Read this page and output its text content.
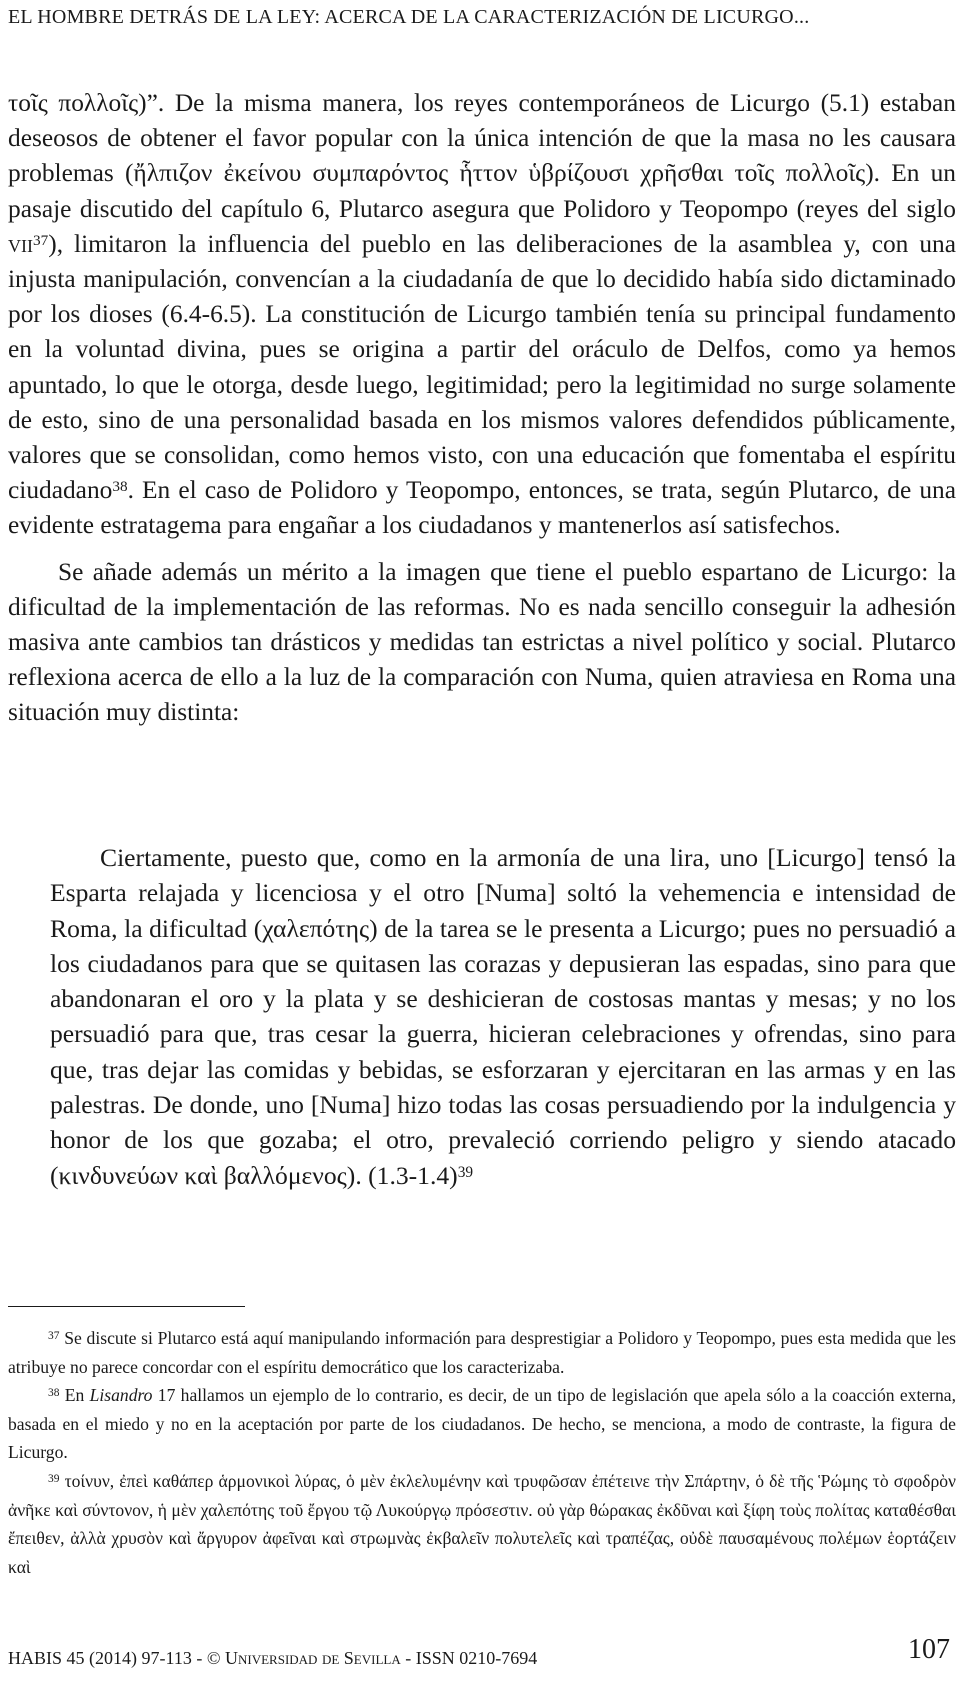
EL HOMBRE DETRÁS DE LA LEY: ACERCA DE LA CARACTERIZACIÓN DE LICURGO...

τοῖς πολλοῖς)”. De la misma manera, los reyes contemporáneos de Licurgo (5.1) estaban deseosos de obtener el favor popular con la única intención de que la masa no les causara problemas (ἤλπιζον ἐκείνου συμπαρόντος ἧττον ὑβρίζουσι χρῆσθαι τοῖς πολλοῖς). En un pasaje discutido del capítulo 6, Plutarco asegura que Polidoro y Teopompo (reyes del siglo vii$^{37}$), limitaron la influencia del pueblo en las deliberaciones de la asamblea y, con una injusta manipulación, convencían a la ciudadanía de que lo decidido había sido dictaminado por los dioses (6.4-6.5). La constitución de Licurgo también tenía su principal fundamento en la voluntad divina, pues se origina a partir del oráculo de Delfos, como ya hemos apuntado, lo que le otorga, desde luego, legitimidad; pero la legitimidad no surge solamente de esto, sino de una personalidad basada en los mismos valores defendidos públicamente, valores que se consolidan, como hemos visto, con una educación que fomentaba el espíritu ciudadano$^{38}$. En el caso de Polidoro y Teopompo, entonces, se trata, según Plutarco, de una evidente estratagema para engañar a los ciudadanos y mantenerlos así satisfechos.

Se añade además un mérito a la imagen que tiene el pueblo espartano de Licurgo: la dificultad de la implementación de las reformas. No es nada sencillo conseguir la adhesión masiva ante cambios tan drásticos y medidas tan estrictas a nivel político y social. Plutarco reflexiona acerca de ello a la luz de la comparación con Numa, quien atraviesa en Roma una situación muy distinta:

Ciertamente, puesto que, como en la armonía de una lira, uno [Licurgo] tensó la Esparta relajada y licenciosa y el otro [Numa] soltó la vehemencia e intensidad de Roma, la dificultad (χαλεπότης) de la tarea se le presenta a Licurgo; pues no persuadió a los ciudadanos para que se quitasen las corazas y depusieran las espadas, sino para que abandonaran el oro y la plata y se deshicieran de costosas mantas y mesas; y no los persuadió para que, tras cesar la guerra, hicieran celebraciones y ofrendas, sino para que, tras dejar las comidas y bebidas, se esforzaran y ejercitaran en las armas y en las palestras. De donde, uno [Numa] hizo todas las cosas persuadiendo por la indulgencia y honor de los que gozaba; el otro, prevaleció corriendo peligro y siendo atacado (κινδυνεύων καὶ βαλλόμενος). $(1.3-1.4)^{39}$

$^{37}$ Se discute si Plutarco está aquí manipulando información para desprestigiar a Polidoro y Teopompo, pues esta medida que les atribuye no parece concordar con el espíritu democrático que los caracterizaba.

$^{38}$ En Lisandro 17 hallamos un ejemplo de lo contrario, es decir, de un tipo de legislación que apela sólo a la coacción externa, basada en el miedo y no en la aceptación por parte de los ciudadanos. De hecho, se menciona, a modo de contraste, la figura de Licurgo.

$^{39}$ τοίνυν, ἐπεὶ καθάπερ ἁρμονικοὶ λύρας, ὁ μὲν ἐκλελυμένην καὶ τρυφῶσαν ἐπέτεινε τὴν Σπάρτην, ὁ δὲ τῆς Ῥώμης τὸ σφοδρὸν ἀνῆκε καὶ σύντονον, ἡ μὲν χαλεπότης τοῦ ἔργου τῷ Λυκούργῳ πρόσεστιν. οὐ γὰρ θώρακας ἐκδῦναι καὶ ξίφη τοὺς πολίτας καταθέσθαι ἔπειθεν, ἀλλὰ χρυσὸν καὶ ἄργυρον ἀφεῖναι καὶ στρωμνὰς ἐκβαλεῖν πολυτελεῖς καὶ τραπέζας, οὐδὲ παυσαμένους πολέμων ἑορτάζειν καὶ

HABIS 45 (2014) 97-113 - © Universidad de Sevilla - ISSN 0210-7694	107
